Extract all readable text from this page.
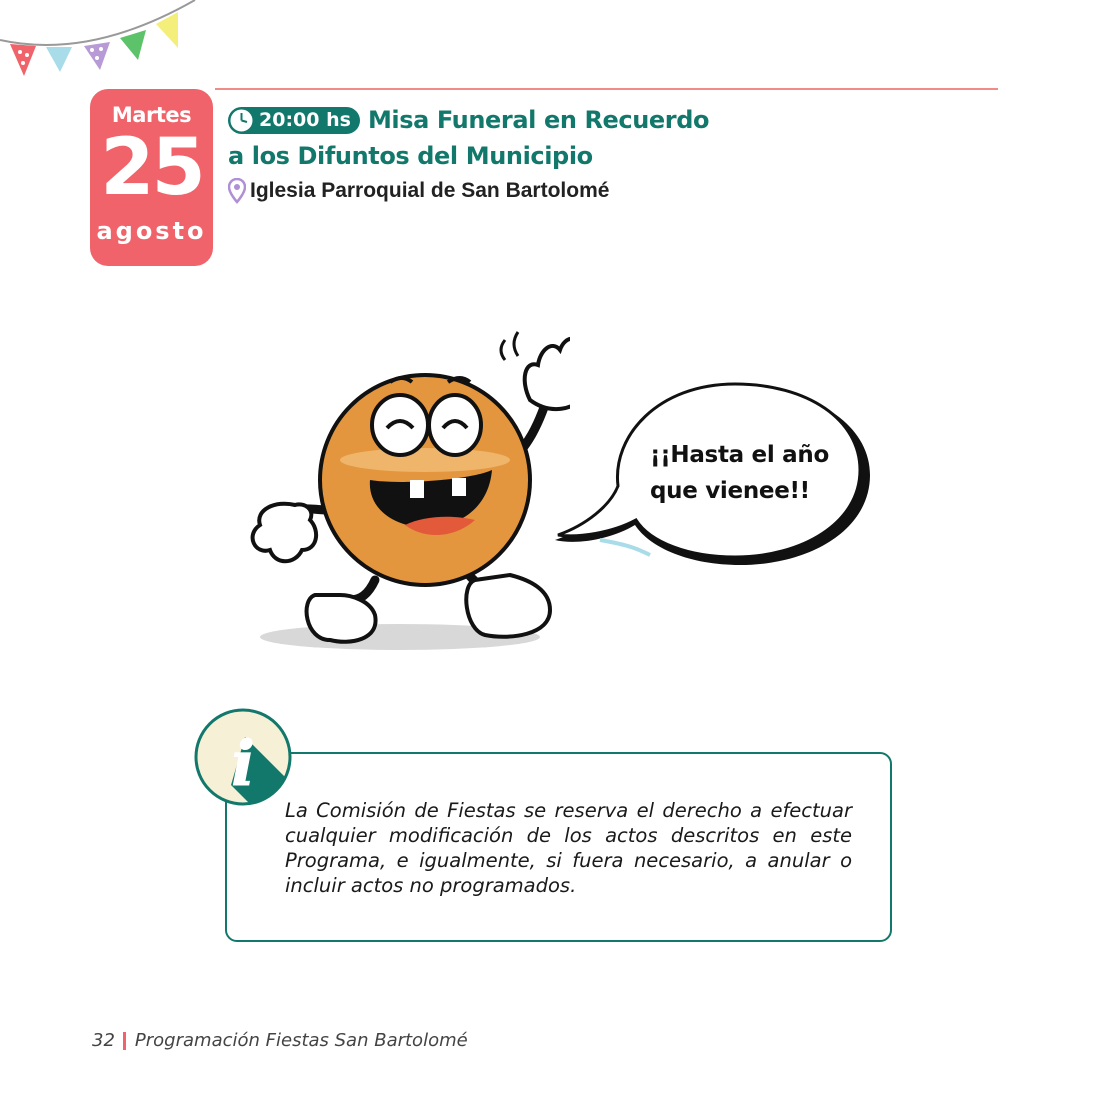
Martes
25
agosto
20:00 hs Misa Funeral en Recuerdo
a los Difuntos del Municipio
Iglesia Parroquial de San Bartolomé
¡¡Hasta el año
que vienee!!
i
La Comisión de Fiestas se reserva el derecho a efectuar cualquier modificación de los actos descritos en este Programa, e igualmente, si fuera necesario, a anular o incluir actos no programados.
32 Programación Fiestas San Bartolomé
